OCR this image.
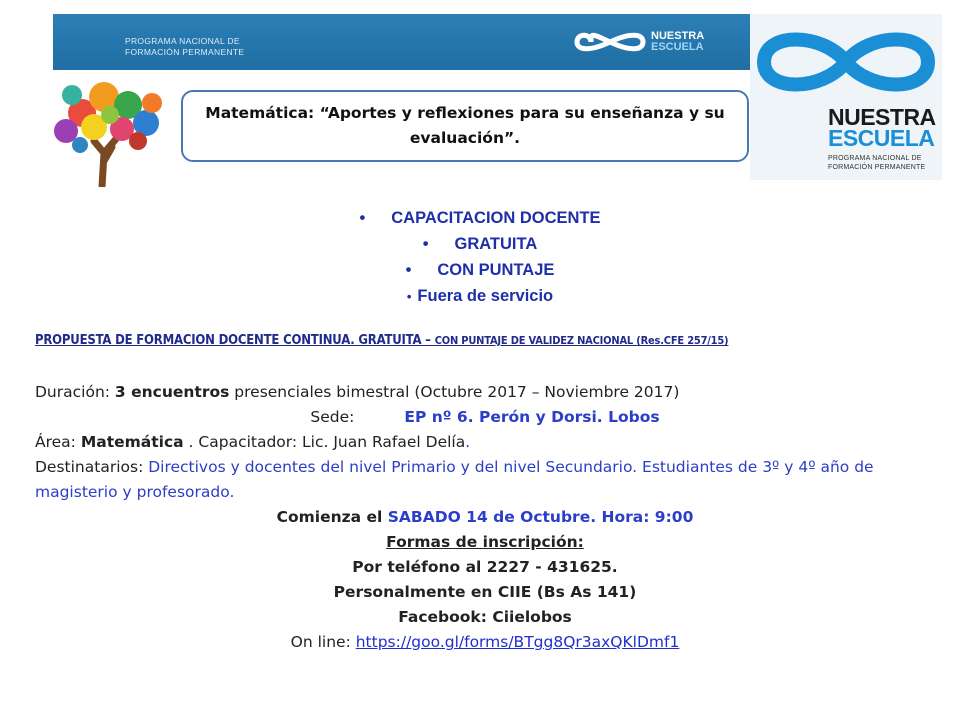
PROGRAMA NACIONAL DE
FORMACIÓN PERMANENTE
NUESTRA
ESCUELA
NUESTRA
ESCUELA
PROGRAMA NACIONAL DE
FORMACIÓN PERMANENTE
Matemática: “Aportes y reflexiones para su enseñanza y su evaluación”.
• CAPACITACION DOCENTE
• GRATUITA
• CON PUNTAJE
• Fuera de servicio
PROPUESTA DE FORMACION DOCENTE CONTINUA. GRATUITA – CON PUNTAJE DE VALIDEZ NACIONAL (Res.CFE 257/15)

Duración: 3 encuentros presenciales bimestral (Octubre 2017 – Noviembre 2017)

Sede:	EP nº 6. Perón y Dorsi. Lobos

Área: Matemática . Capacitador: Lic. Juan Rafael Delía.

Destinatarios: Directivos y docentes del nivel Primario y del nivel Secundario. Estudiantes de 3º y 4º año de magisterio y profesorado.

Comienza el SABADO 14 de Octubre. Hora: 9:00

Formas de inscripción:

Por teléfono al 2227 - 431625.

Personalmente en CIIE (Bs As 141)

Facebook: Ciielobos

On line: https://goo.gl/forms/BTgg8Qr3axQKlDmf1
